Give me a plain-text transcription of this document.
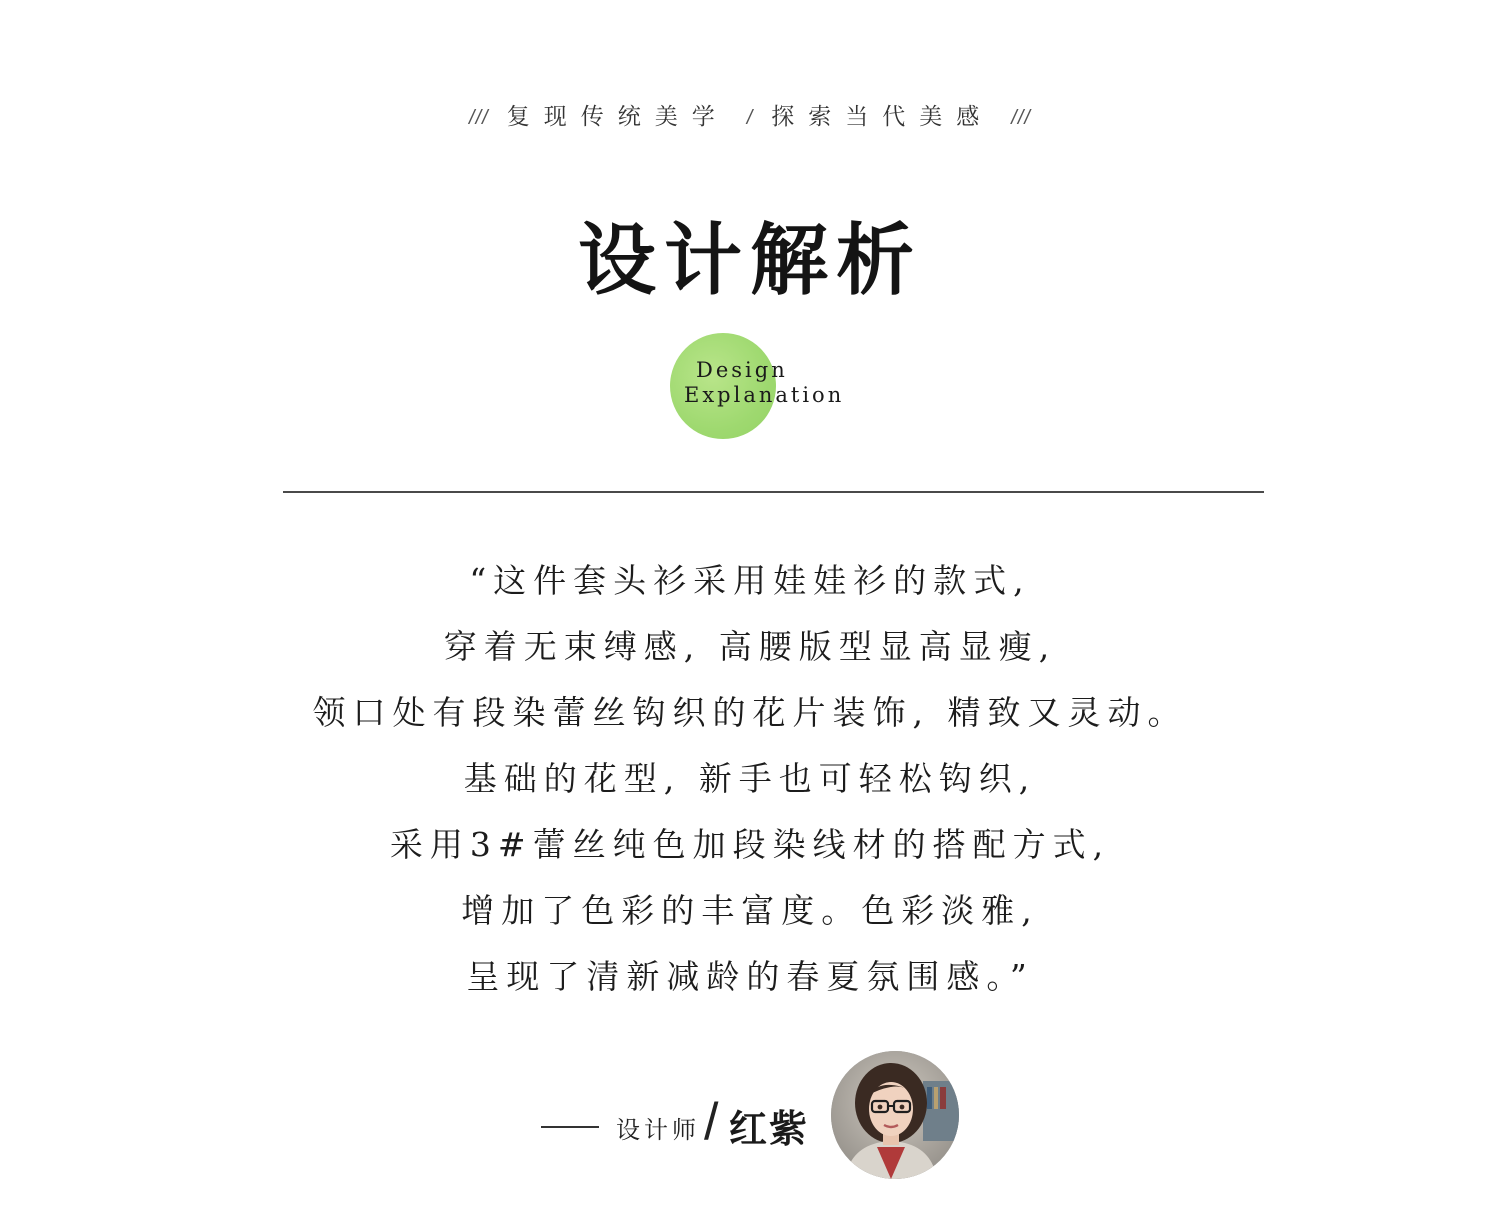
/// 复现传统美学 / 探索当代美感 ///
设计解析
Design
Explanation
“这件套头衫采用娃娃衫的款式,
穿着无束缚感, 高腰版型显高显瘦,
领口处有段染蕾丝钩织的花片装饰, 精致又灵动。
基础的花型, 新手也可轻松钩织,
采用3#蕾丝纯色加段染线材的搭配方式,
增加了色彩的丰富度。色彩淡雅,
呈现了清新减龄的春夏氛围感。”
设计师 / 红紫
